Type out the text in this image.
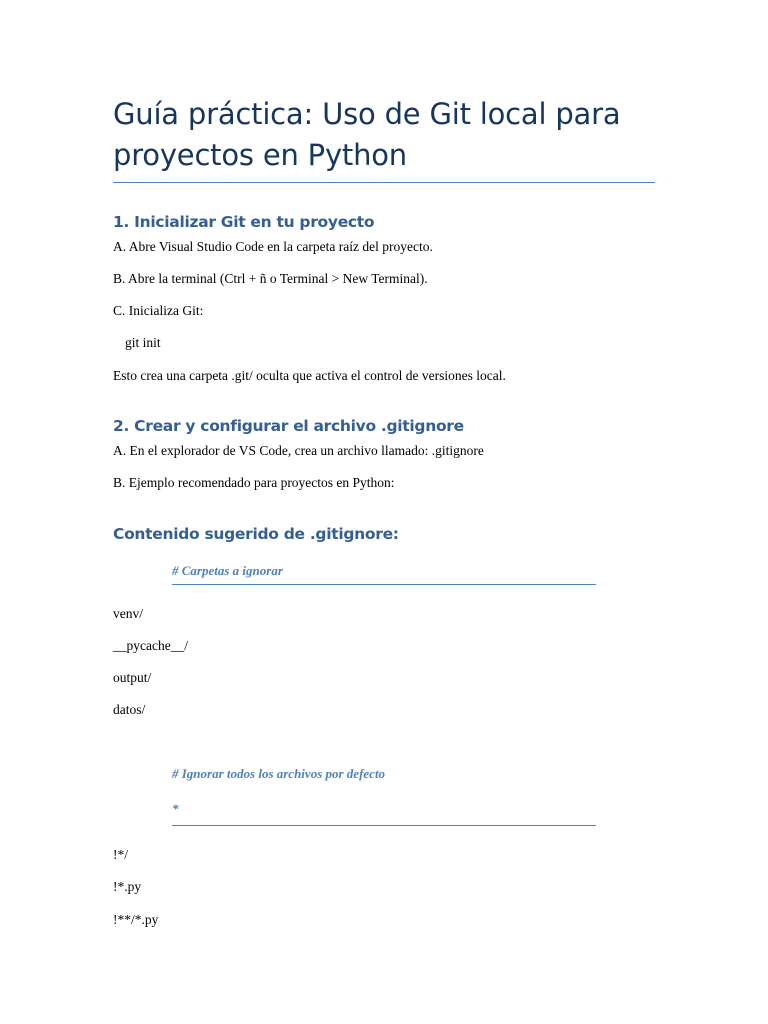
Guía práctica: Uso de Git local para proyectos en Python
1. Inicializar Git en tu proyecto

A. Abre Visual Studio Code en la carpeta raíz del proyecto.

B. Abre la terminal (Ctrl + ñ o Terminal > New Terminal).

C. Inicializa Git:

git init

Esto crea una carpeta .git/ oculta que activa el control de versiones local.

2. Crear y configurar el archivo .gitignore

A. En el explorador de VS Code, crea un archivo llamado: .gitignore

B. Ejemplo recomendado para proyectos en Python:

Contenido sugerido de .gitignore:

# Carpetas a ignorar

venv/

__pycache__/

output/

datos/

# Ignorar todos los archivos por defecto

*

!*/

!*.py

!**/*.py
